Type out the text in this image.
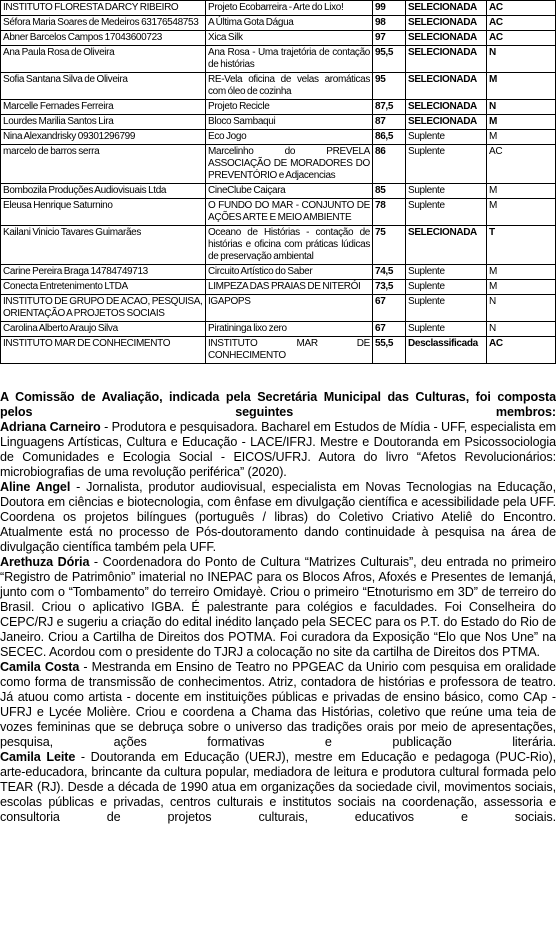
INSTITUTO FLORESTA DARCY RIBEIRO	Projeto Ecobarreira - Arte do Lixo!	99	SELECIONADA	AC
Séfora Maria Soares de Medeiros 63176548753	A Última Gota Dágua	98	SELECIONADA	AC
Abner Barcelos Campos 17043600723	Xica Silk	97	SELECIONADA	AC
Ana Paula Rosa de Oliveira	Ana Rosa - Uma trajetória de contação de histórias	95,5	SELECIONADA	N
Sofia Santana Silva de Oliveira	RE-Vela oficina de velas aromáticas com óleo de cozinha	95	SELECIONADA	M
Marcelle Fernades Ferreira	Projeto Recicle	87,5	SELECIONADA	N
Lourdes Marilia Santos Lira	Bloco Sambaqui	87	SELECIONADA	M
Nina Alexandrisky 09301296799	Eco Jogo	86,5	Suplente	M
marcelo de barros serra	Marcelinho do PREVELA ASSOCIAÇÃO DE MORADORES DO PREVENTÓRIO e Adjacencias	86	Suplente	AC
Bombozila Produções Audiovisuais Ltda	CineClube Caiçara	85	Suplente	M
Eleusa Henrique Saturnino	O FUNDO DO MAR - CONJUNTO DE AÇÕES ARTE E MEIO AMBIENTE	78	Suplente	M
Kailani Vinicio Tavares Guimarães	Oceano de Histórias - contação de histórias e oficina com práticas lúdicas de preservação ambiental	75	SELECIONADA	T
Carine Pereira Braga 14784749713	Circuito Artístico do Saber	74,5	Suplente	M
Conecta Entretenimento LTDA	LIMPEZA DAS PRAIAS DE NITERÓI	73,5	Suplente	M
INSTITUTO DE GRUPO DE ACAO, PESQUISA, ORIENTAÇÃO A PROJETOS SOCIAIS	IGAPOPS	67	Suplente	N
Carolina Alberto Araujo Silva	Piratininga lixo zero	67	Suplente	N
INSTITUTO MAR DE CONHECIMENTO	INSTITUTO MAR DE CONHECIMENTO	55,5	Desclassificada	AC

A Comissão de Avaliação, indicada pela Secretária Municipal das Culturas, foi composta pelos seguintes membros:

Adriana Carneiro - Produtora e pesquisadora. Bacharel em Estudos de Mídia - UFF, especialista em Linguagens Artísticas, Cultura e Educação - LACE/IFRJ. Mestre e Doutoranda em Psicossociologia de Comunidades e Ecologia Social - EICOS/UFRJ. Autora do livro “Afetos Revolucionários: microbiografias de uma revolução periférica” (2020).

Aline Angel - Jornalista, produtor audiovisual, especialista em Novas Tecnologias na Educação, Doutora em ciências e biotecnologia, com ênfase em divulgação científica e acessibilidade pela UFF. Coordena os projetos bilíngues (português / libras) do Coletivo Criativo Ateliê do Encontro. Atualmente está no processo de Pós-doutoramento dando continuidade à pesquisa na área de divulgação científica também pela UFF.

Arethuza Dória - Coordenadora do Ponto de Cultura “Matrizes Culturais”, deu entrada no primeiro “Registro de Patrimônio” imaterial no INEPAC para os Blocos Afros, Afoxés e Presentes de Iemanjá, junto com o “Tombamento” do terreiro Omidayè. Criou o primeiro “Etnoturismo em 3D” de terreiro do Brasil. Criou o aplicativo IGBA. É palestrante para colégios e faculdades. Foi Conselheira do CEPC/RJ e sugeriu a criação do edital inédito lançado pela SECEC para os P.T. do Estado do Rio de Janeiro. Criou a Cartilha de Direitos dos POTMA. Foi curadora da Exposição “Elo que Nos Une” na SECEC. Acordou com o presidente do TJRJ a colocação no site da cartilha de Direitos dos PTMA.

Camila Costa - Mestranda em Ensino de Teatro no PPGEAC da Unirio com pesquisa em oralidade como forma de transmissão de conhecimentos. Atriz, contadora de histórias e professora de teatro. Já atuou como artista - docente em instituições públicas e privadas de ensino básico, como CAp - UFRJ e Lycée Molière. Criou e coordena a Chama das Histórias, coletivo que reúne uma teia de vozes femininas que se debruça sobre o universo das tradições orais por meio de apresentações, pesquisa, ações formativas e publicação literária.

Camila Leite - Doutoranda em Educação (UERJ), mestre em Educação e pedagoga (PUC-Rio), arte-educadora, brincante da cultura popular, mediadora de leitura e produtora cultural formada pelo TEAR (RJ). Desde a década de 1990 atua em organizações da sociedade civil, movimentos sociais, escolas públicas e privadas, centros culturais e institutos sociais na coordenação, assessoria e consultoria de projetos culturais, educativos e sociais.
